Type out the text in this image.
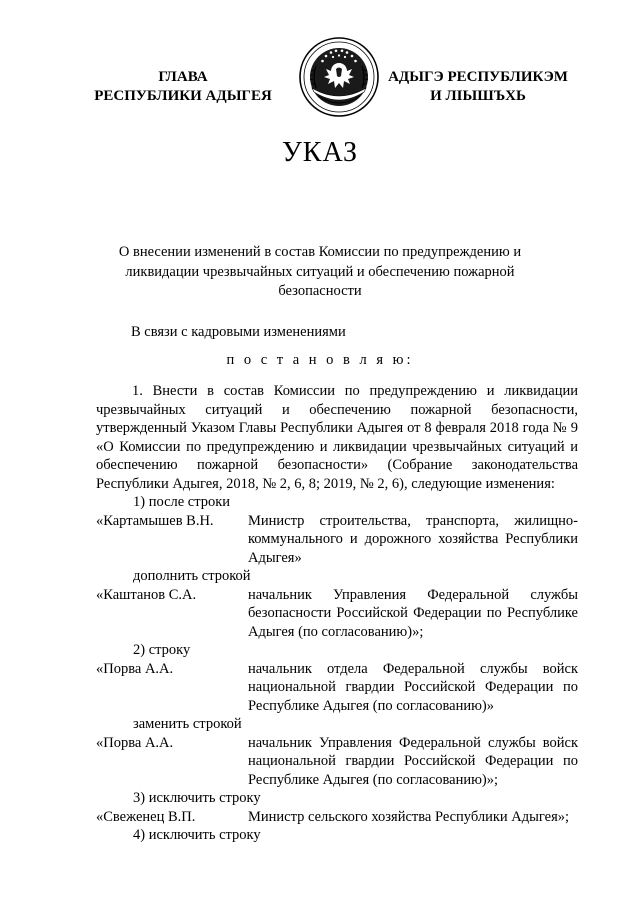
ГЛАВА
РЕСПУБЛИКИ АДЫГЕЯ
АДЫГЭ РЕСПУБЛИКЭМ
И ЛІЫШЪХЬ
УКАЗ
О внесении изменений в состав Комиссии по предупреждению и ликвидации чрезвычайных ситуаций и обеспечению пожарной безопасности
В связи с кадровыми изменениями
п о с т а н о в л я ю:

1. Внести в состав Комиссии по предупреждению и ликвидации чрезвычайных ситуаций и обеспечению пожарной безопасности, утвержденный Указом Главы Республики Адыгея от 8 февраля 2018 года № 9 «О Комиссии по предупреждению и ликвидации чрезвычайных ситуаций и обеспечению пожарной безопасности» (Собрание законодательства Республики Адыгея, 2018, № 2, 6, 8; 2019, № 2, 6), следующие изменения:

1) после строки

«Картамышев В.Н.	Министр строительства, транспорта, жилищно-коммунального и дорожного хозяйства Республики Адыгея»

дополнить строкой

«Каштанов С.А.	начальник Управления Федеральной службы безопасности Российской Федерации по Республике Адыгея (по согласованию)»;

2) строку

«Порва А.А.	начальник отдела Федеральной службы войск национальной гвардии Российской Федерации по Республике Адыгея (по согласованию)»

заменить строкой

«Порва А.А.	начальник Управления Федеральной службы войск национальной гвардии Российской Федерации по Республике Адыгея (по согласованию)»;

3) исключить строку

«Свеженец В.П.	Министр сельского хозяйства Республики Адыгея»;

4) исключить строку
